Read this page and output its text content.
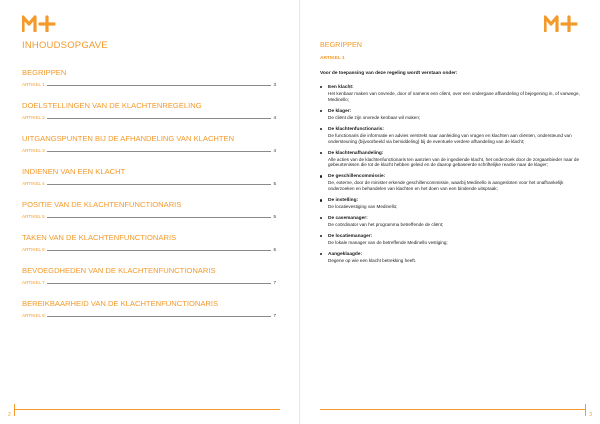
INHOUDSOPGAVE
BEGRIPPEN
ARTIKEL 1	3
DOELSTELLINGEN VAN DE KLACHTENREGELING
ARTIKEL 2	4
UITGANGSPUNTEN BIJ DE AFHANDELING VAN KLACHTEN
ARTIKEL 3	4
INDIENEN VAN EEN KLACHT
ARTIKEL 4	5
POSITIE VAN DE KLACHTENFUNCTIONARIS
ARTIKEL 5	5
TAKEN VAN DE KLACHTENFUNCTIONARIS
ARTIKEL 6	6
BEVOEGDHEDEN VAN DE KLACHTENFUNCTIONARIS
ARTIKEL 7	7
BEREIKBAARHEID VAN DE KLACHTENFUNCTIONARIS
ARTIKEL 8	7
2
BEGRIPPEN
ARTIKEL 1
Voor de toepassing van deze regeling wordt verstaan onder:
Een klacht:
Het kenbaar maken van onvrede, door of namens een cliënt, over een ondergane afhandeling of bejegening in, of vanwege, Medinello;
De klager:
De cliënt die zijn onvrede kenbaar wil maken;
De klachtenfunctionaris:
De functionaris die informatie en advies verstrekt naar aanleiding van vragen en klachten aan cliënten, ondersteund van ondersteuning (bijvoorbeeld via bemiddeling) bij de eventuele verdere afhandeling van de klacht;
De klachtenafhandeling:
Alle acties van de klachtenfunctionaris ten aanzien van de ingediende klacht, het onderzoek door de zorgaanbieder naar de gebeurtenissen die tot de klacht hebben geleid en de daarop gebaseerde schriftelijke reactie naar de klager;
De geschillencommissie:
De, externe, door de minister erkende geschillencommissie, waarbij Medinello is aangesloten voor het onafhankelijk onderzoeken en behandelen van klachten en het doen van een bindende uitspraak;
De instelling:
De locatievestiging van Medinello;
De casemanager:
De coördinator van het programma betreffende de cliënt;
De locatiemanager:
De lokale manager van de betreffende Medinello vestiging;
Aangeklaagde:
Degene op wie een klacht betrekking heeft.
3
